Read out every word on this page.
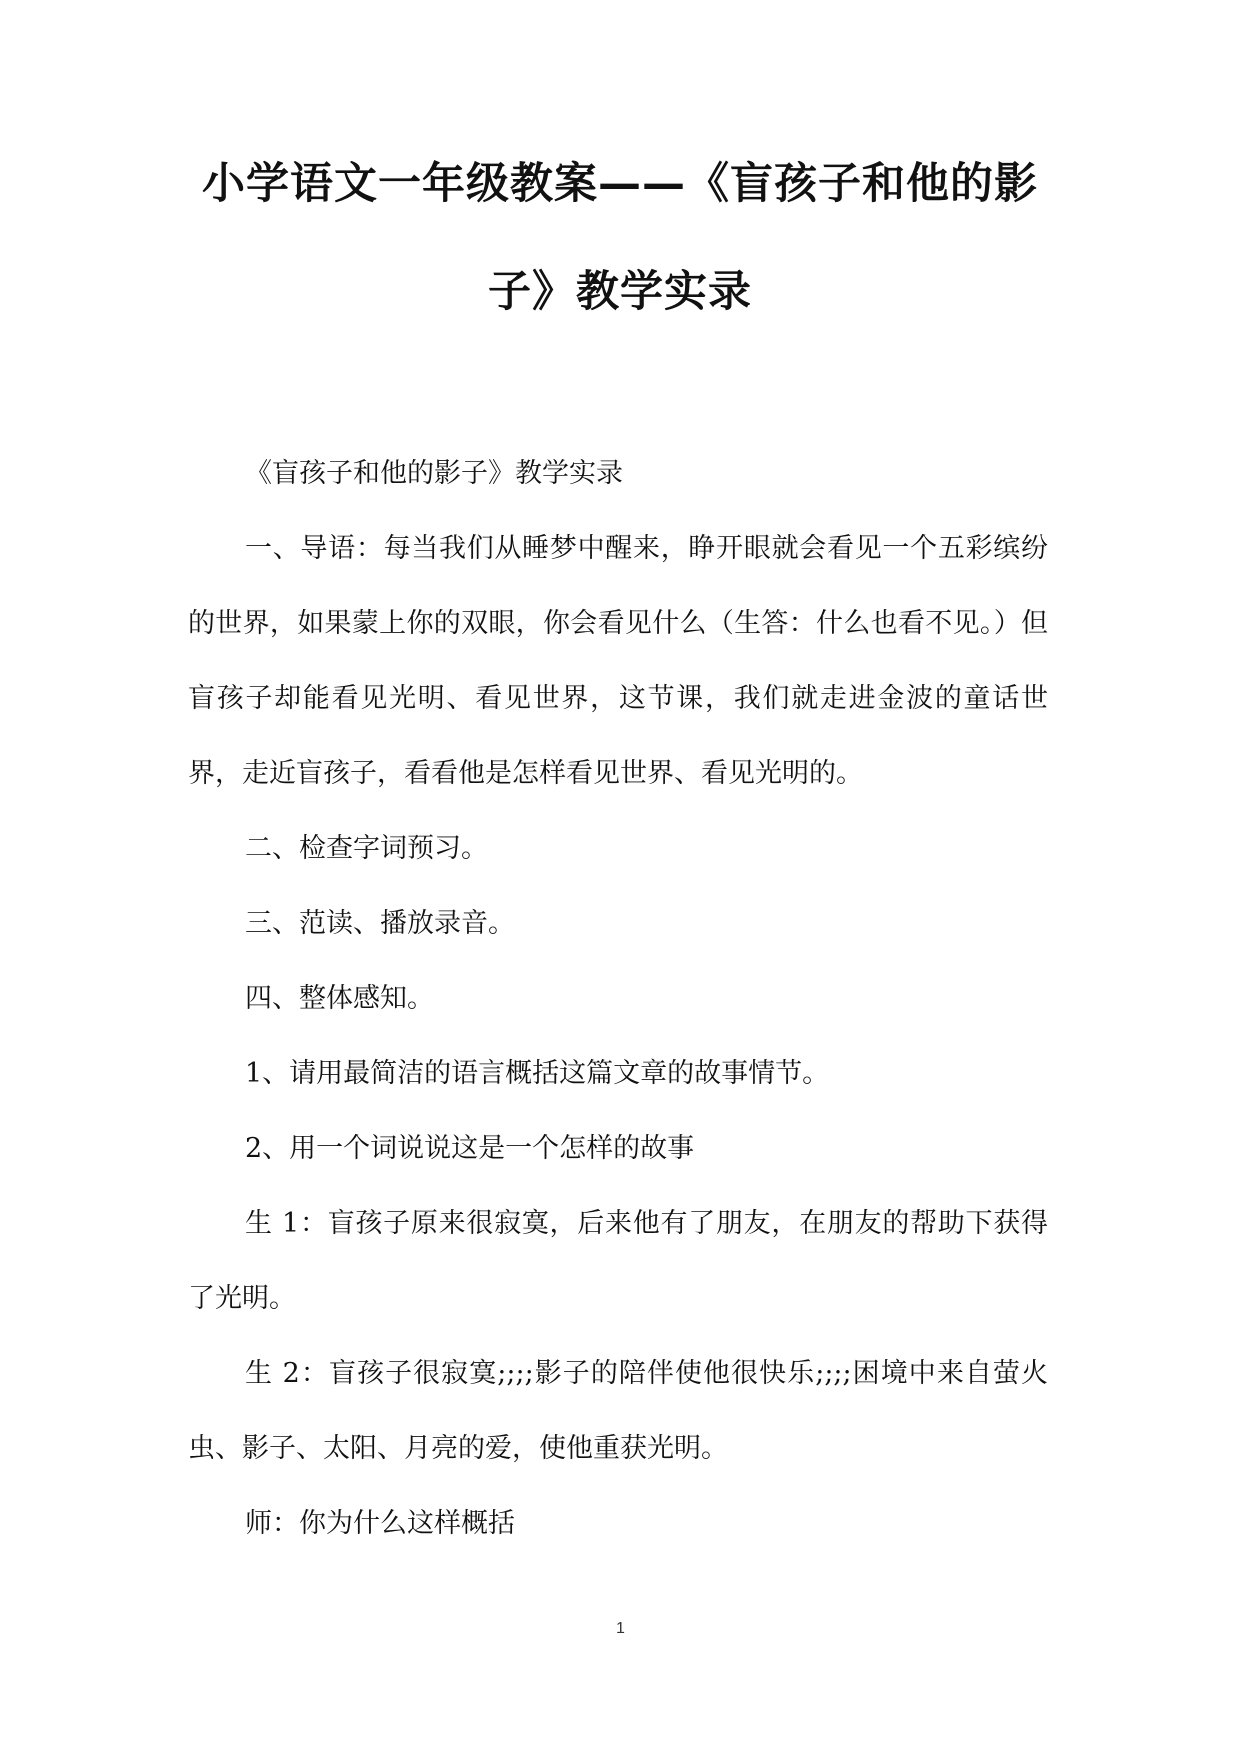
小学语文一年级教案——《盲孩子和他的影
子》教学实录

《盲孩子和他的影子》教学实录

一、导语：每当我们从睡梦中醒来，睁开眼就会看见一个五彩缤纷的世界，如果蒙上你的双眼，你会看见什么（生答：什么也看不见。）但盲孩子却能看见光明、看见世界，这节课，我们就走进金波的童话世界，走近盲孩子，看看他是怎样看见世界、看见光明的。

二、检查字词预习。

三、范读、播放录音。

四、整体感知。

1、请用最简洁的语言概括这篇文章的故事情节。

2、用一个词说说这是一个怎样的故事

生 1：盲孩子原来很寂寞，后来他有了朋友，在朋友的帮助下获得了光明。

生 2：盲孩子很寂寞;;;;影子的陪伴使他很快乐;;;;困境中来自萤火虫、影子、太阳、月亮的爱，使他重获光明。

师：你为什么这样概括

1
